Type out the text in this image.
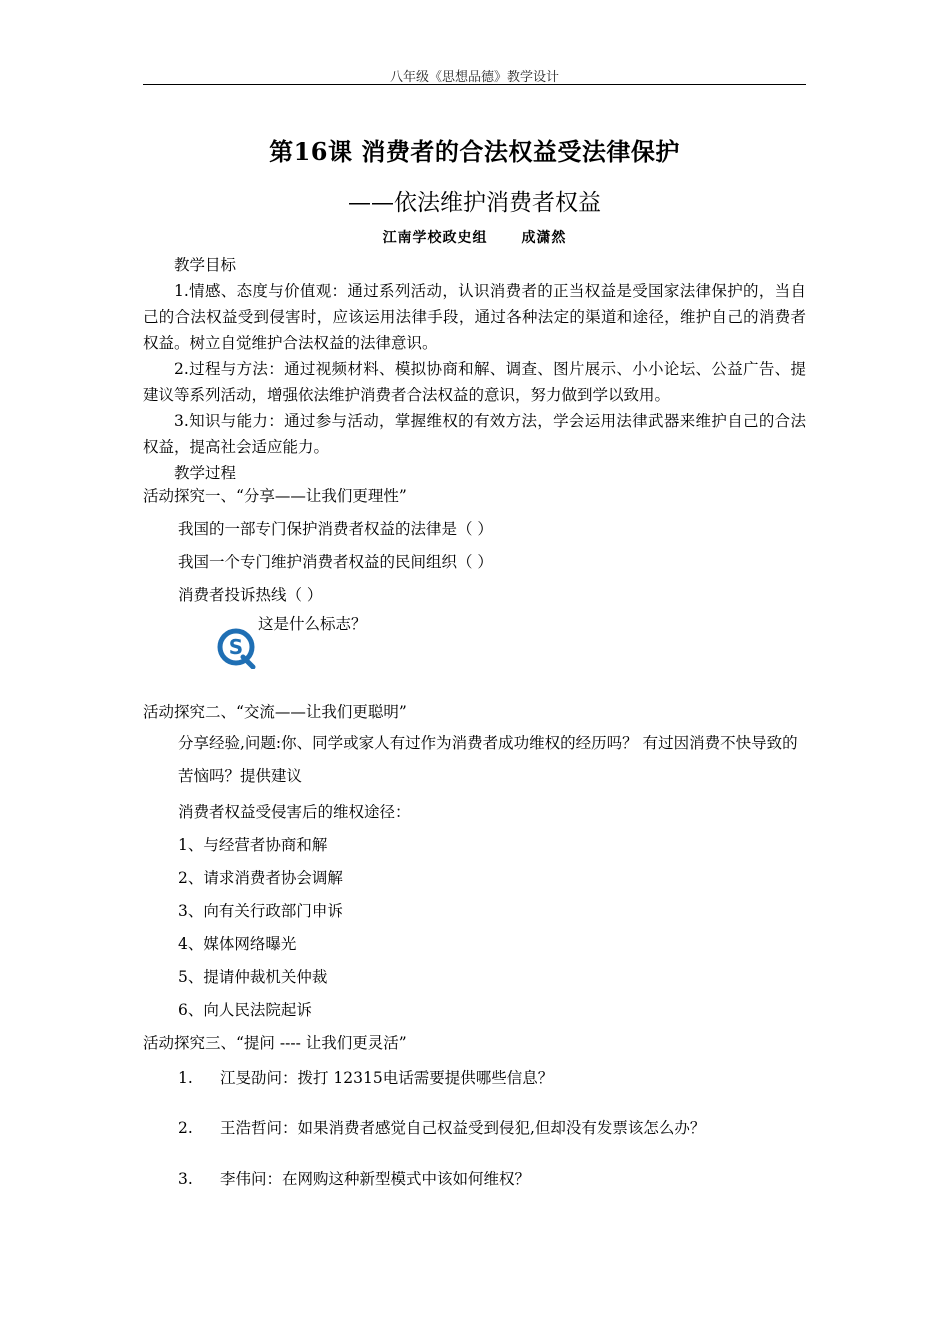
八年级《思想品德》教学设计
第16课 消费者的合法权益受法律保护
——依法维护消费者权益
江南学校政史组 成潇然

教学目标

1.情感、态度与价值观：通过系列活动，认识消费者的正当权益是受国家法律保护的，当自己的合法权益受到侵害时，应该运用法律手段，通过各种法定的渠道和途径，维护自己的消费者权益。树立自觉维护合法权益的法律意识。

2.过程与方法：通过视频材料、模拟协商和解、调查、图片展示、小小论坛、公益广告、提建议等系列活动，增强依法维护消费者合法权益的意识，努力做到学以致用。

3.知识与能力：通过参与活动，掌握维权的有效方法，学会运用法律武器来维护自己的合法权益，提高社会适应能力。

教学过程

活动探究一、“分享——让我们更理性”
我国的一部专门保护消费者权益的法律是（ ）
我国一个专门维护消费者权益的民间组织（ ）
消费者投诉热线（ ）
这是什么标志？
S
活动探究二、“交流——让我们更聪明”
分享经验,问题:你、同学或家人有过作为消费者成功维权的经历吗？ 有过因消费不快导致的苦恼吗？提供建议
消费者权益受侵害后的维权途径：
1、与经营者协商和解
2、请求消费者协会调解
3、向有关行政部门申诉
4、媒体网络曝光
5、提请仲裁机关仲裁
6、向人民法院起诉
活动探究三、“提问 ---- 让我们更灵活”
1. 江旻劭问：拨打 12315电话需要提供哪些信息？
2. 王浩哲问：如果消费者感觉自己权益受到侵犯,但却没有发票该怎么办？
3. 李伟问：在网购这种新型模式中该如何维权？
